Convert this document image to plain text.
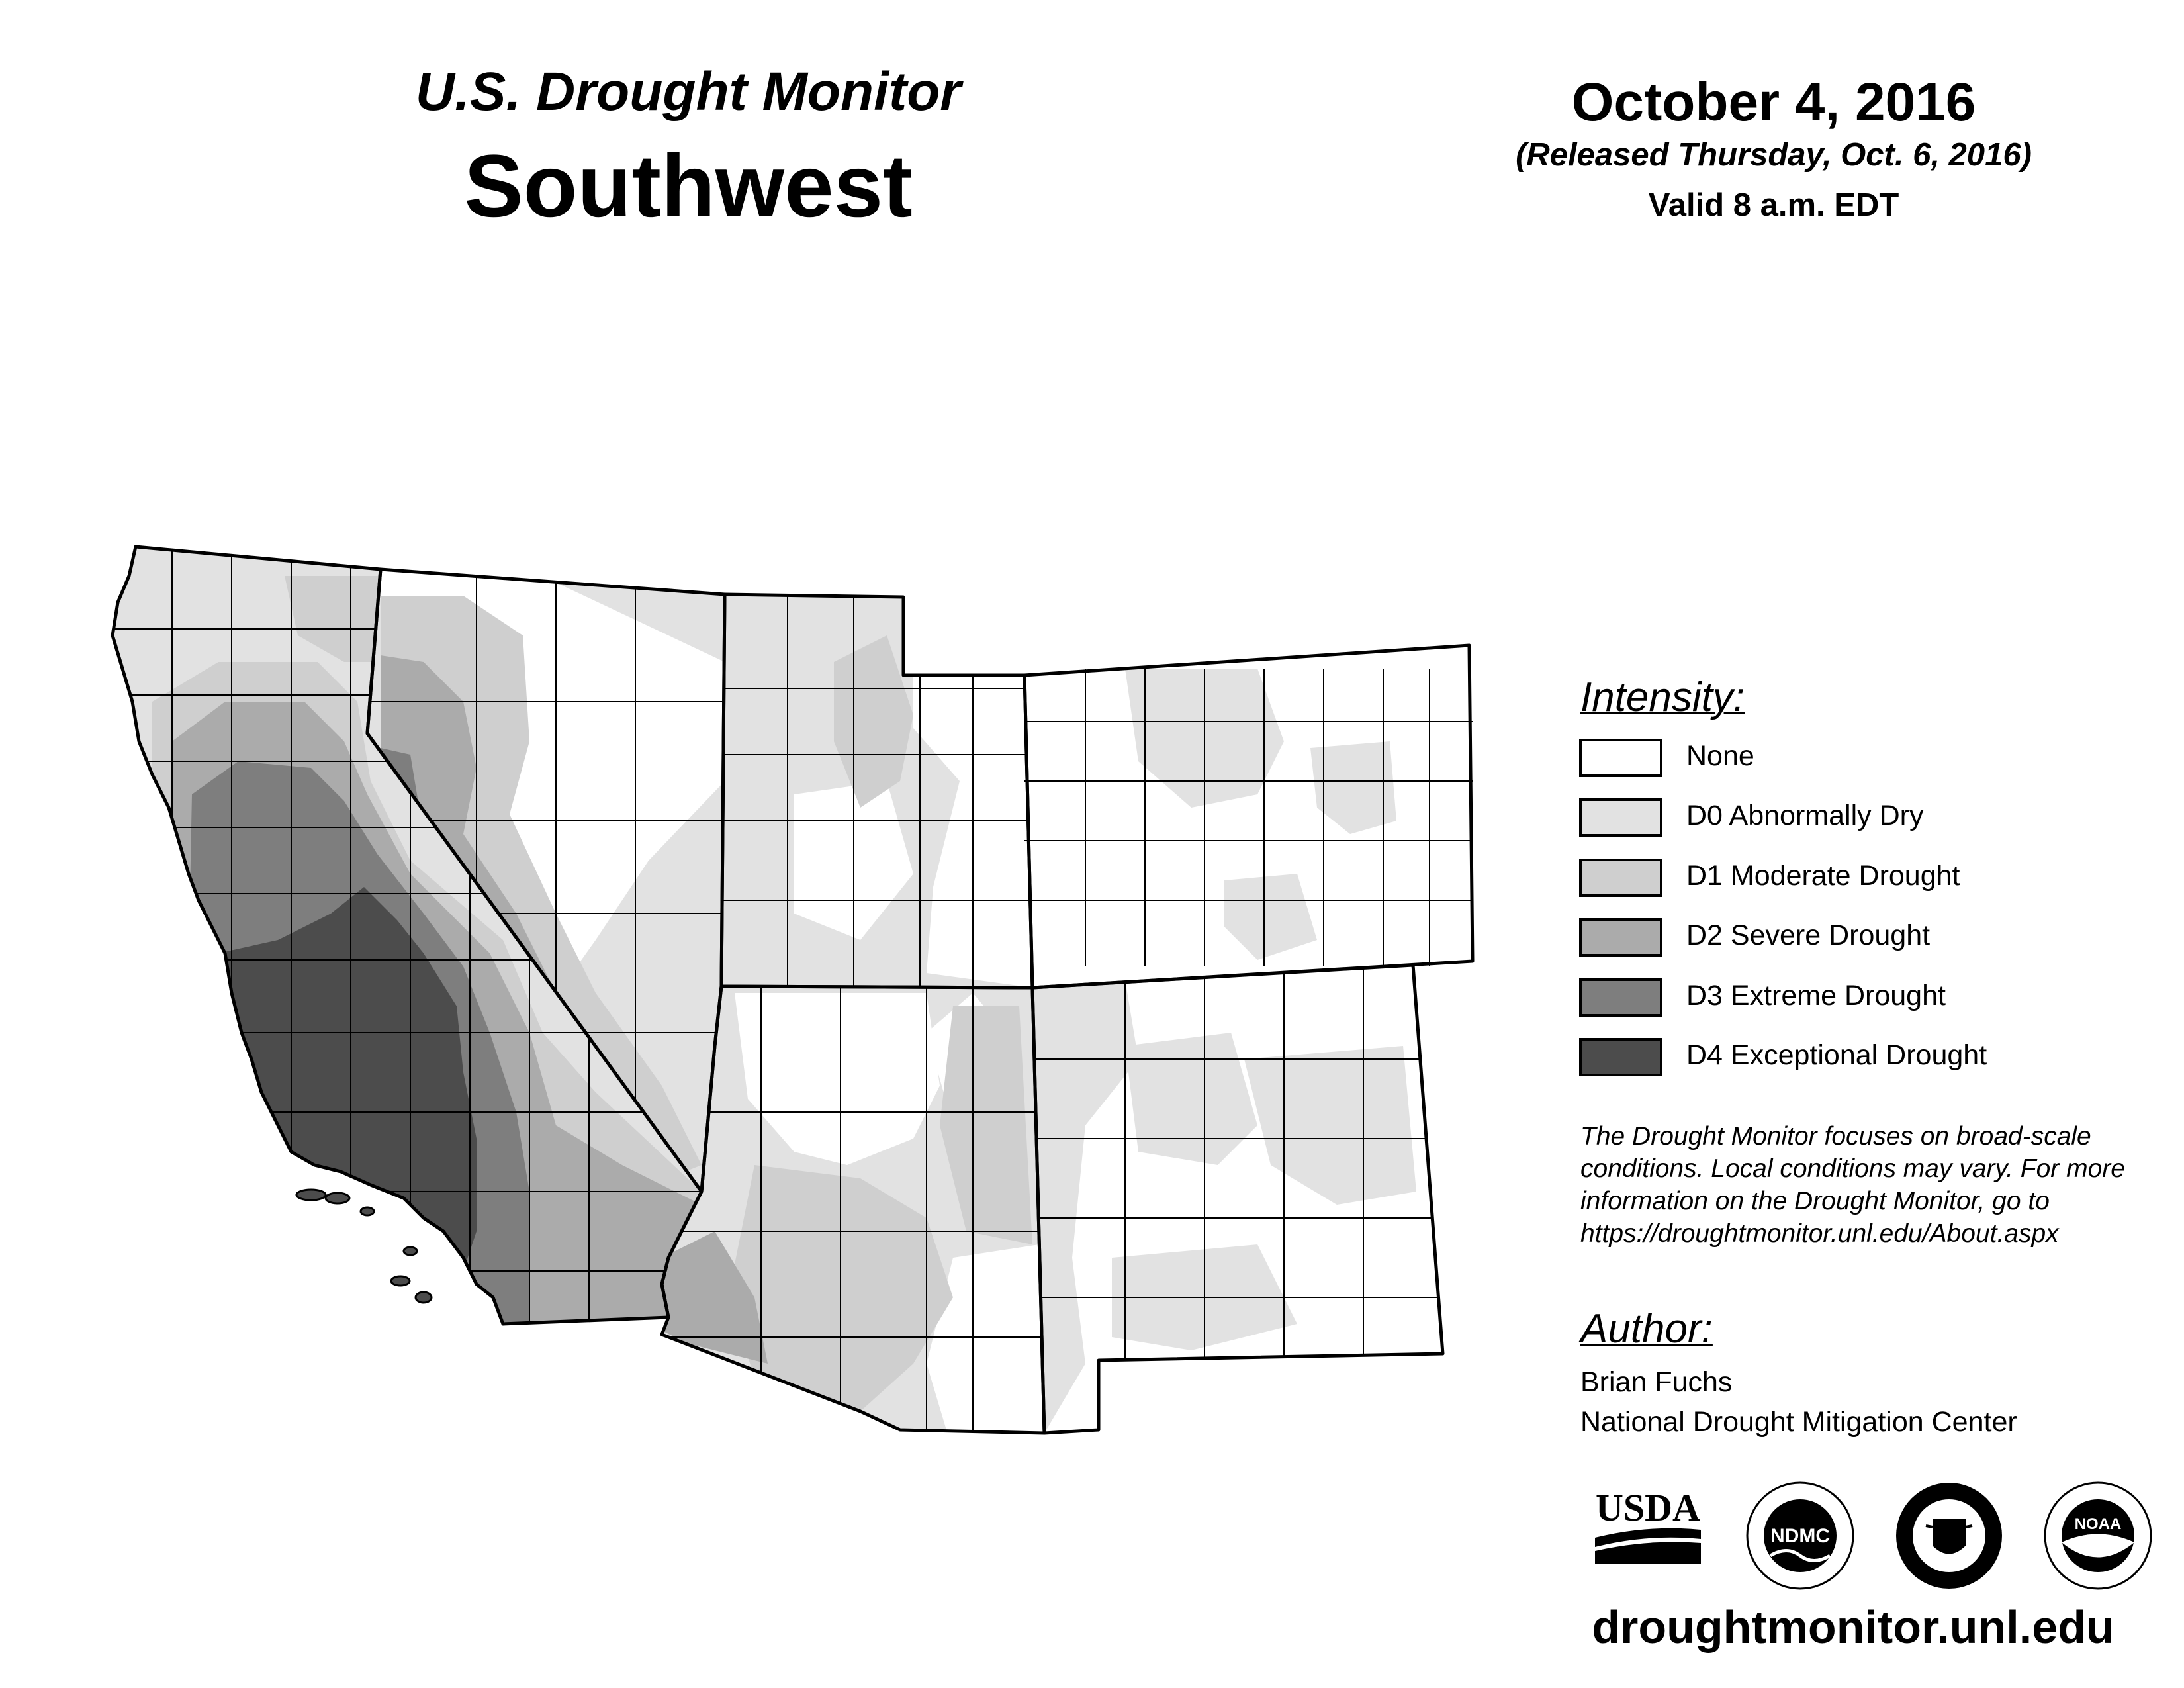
U.S. Drought Monitor
Southwest
October 4, 2016
(Released Thursday, Oct. 6, 2016)
Valid 8 a.m. EDT
Intensity:
None
D0 Abnormally Dry
D1 Moderate Drought
D2 Severe Drought
D3 Extreme Drought
D4 Exceptional Drought
The Drought Monitor focuses on broad-scale
conditions. Local conditions may vary. For more
information on the Drought Monitor, go to
https://droughtmonitor.unl.edu/About.aspx
Author:
Brian Fuchs
National Drought Mitigation Center
USDA
NDMC
NOAA
droughtmonitor.unl.edu
